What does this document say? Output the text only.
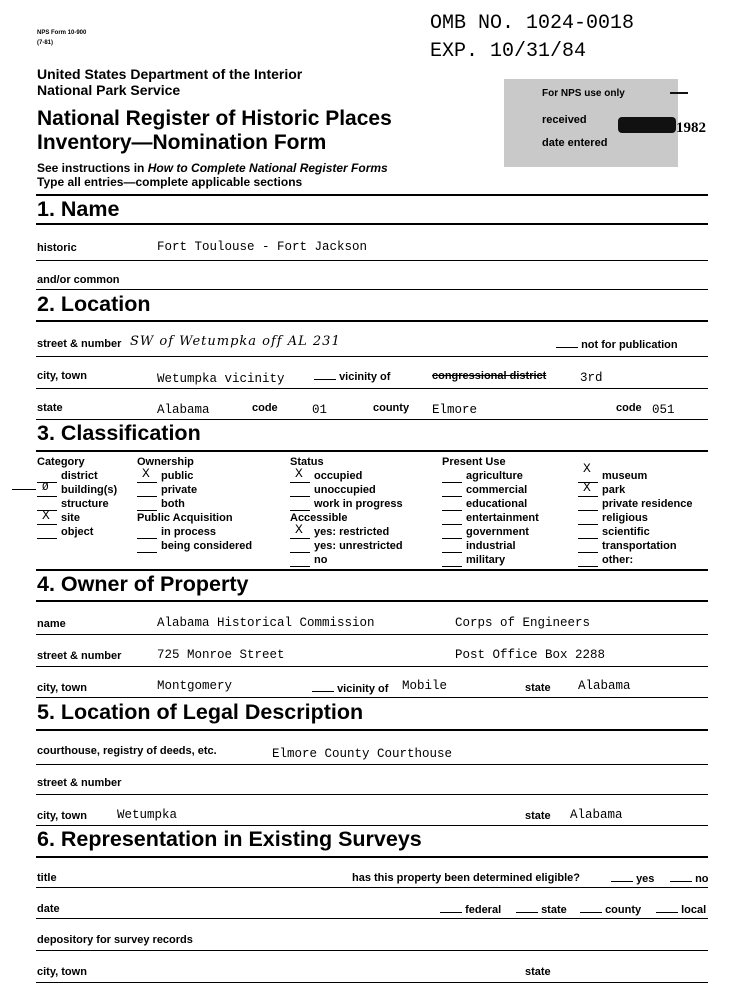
NPS Form 10-900
(7-81)
OMB NO. 1024-0018
EXP. 10/31/84
United States Department of the Interior
National Park Service
National Register of Historic Places
Inventory—Nomination Form
See instructions in How to Complete National Register Forms
Type all entries—complete applicable sections
For NPS use only
received
date entered
1982
1. Name
historic	Fort Toulouse - Fort Jackson
and/or common
2. Location
street & number SW of Wetumpka off AL 231	not for publication
city, town	Wetumpka vicinity	vicinity of	congressional district	3rd
state	Alabama	code	01	county Elmore	code 051
3. Classification
Category
district
Ø building(s)
structure
X site
object
Ownership
X public
private
both
Public Acquisition
in process
being considered
Status
X occupied
unoccupied
work in progress
Accessible
X yes: restricted
yes: unrestricted
no
Present Use
agriculture
commercial
educational
entertainment
government
industrial
military
X museum
X park
private residence
religious
scientific
transportation
other:
4. Owner of Property
name	Alabama Historical Commission	Corps of Engineers
street & number	725 Monroe Street	Post Office Box 2288
city, town	Montgomery	vicinity of Mobile	state Alabama
5. Location of Legal Description
courthouse, registry of deeds, etc.	Elmore County Courthouse
street & number
city, town Wetumpka	state Alabama
6. Representation in Existing Surveys
title	has this property been determined eligible?	yes	no
date	federal	state	county	local
depository for survey records
city, town	state
